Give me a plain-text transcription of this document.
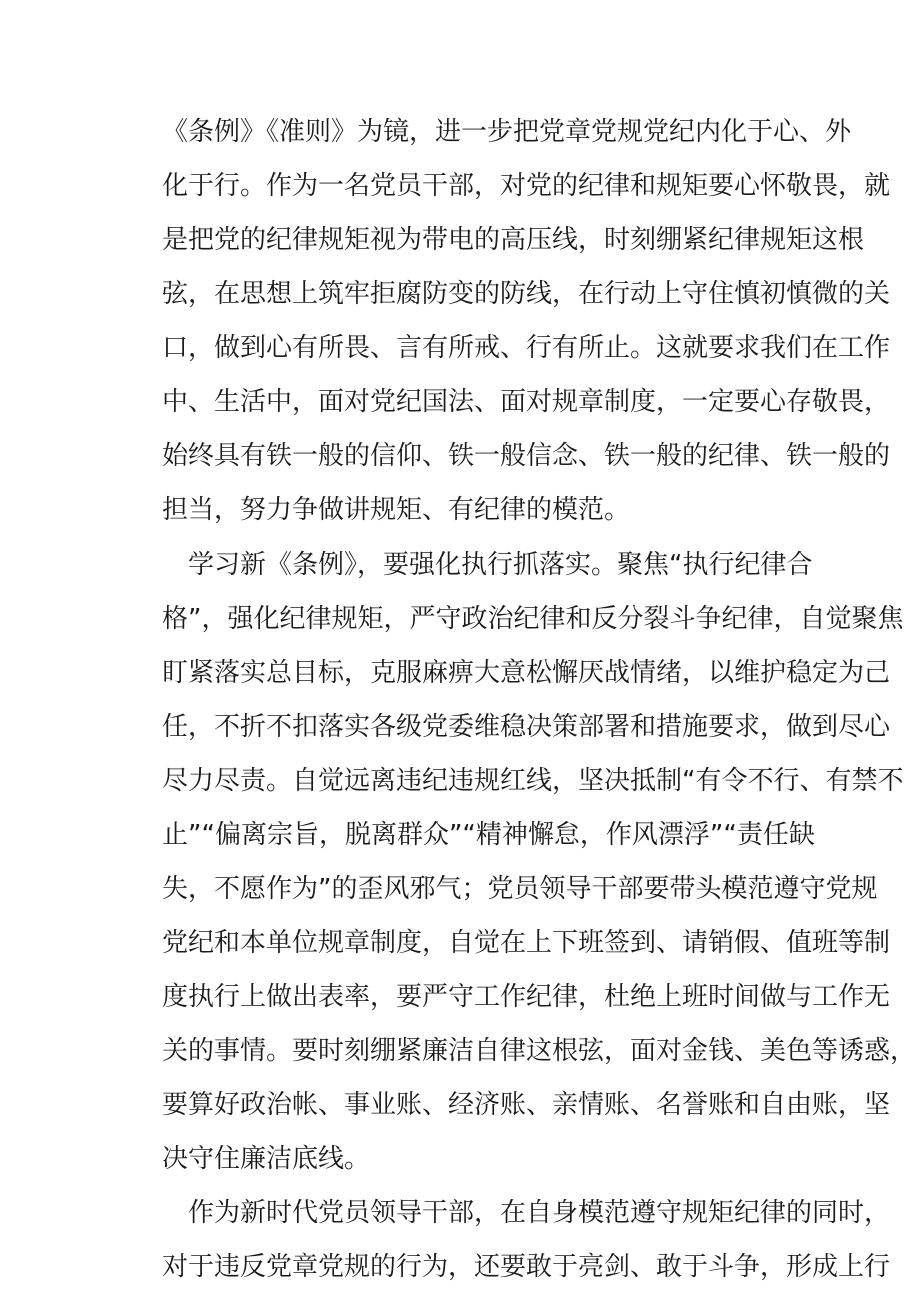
《条例》《准则》为镜，进一步把党章党规党纪内化于心、外
化于行。作为一名党员干部，对党的纪律和规矩要心怀敬畏，就
是把党的纪律规矩视为带电的高压线，时刻绷紧纪律规矩这根
弦，在思想上筑牢拒腐防变的防线，在行动上守住慎初慎微的关
口，做到心有所畏、言有所戒、行有所止。这就要求我们在工作
中、生活中，面对党纪国法、面对规章制度，一定要心存敬畏，
始终具有铁一般的信仰、铁一般信念、铁一般的纪律、铁一般的
担当，努力争做讲规矩、有纪律的模范。
学习新《条例》，要强化执行抓落实。聚焦“执行纪律合
格”，强化纪律规矩，严守政治纪律和反分裂斗争纪律，自觉聚焦
盯紧落实总目标，克服麻痹大意松懈厌战情绪，以维护稳定为己
任，不折不扣落实各级党委维稳决策部署和措施要求，做到尽心
尽力尽责。自觉远离违纪违规红线，坚决抵制“有令不行、有禁不
止”“偏离宗旨，脱离群众”“精神懈怠，作风漂浮”“责任缺
失，不愿作为”的歪风邪气；党员领导干部要带头模范遵守党规
党纪和本单位规章制度，自觉在上下班签到、请销假、值班等制
度执行上做出表率，要严守工作纪律，杜绝上班时间做与工作无
关的事情。要时刻绷紧廉洁自律这根弦，面对金钱、美色等诱惑，
要算好政治帐、事业账、经济账、亲情账、名誉账和自由账，坚
决守住廉洁底线。
作为新时代党员领导干部，在自身模范遵守规矩纪律的同时，
对于违反党章党规的行为，还要敢于亮剑、敢于斗争，形成上行
